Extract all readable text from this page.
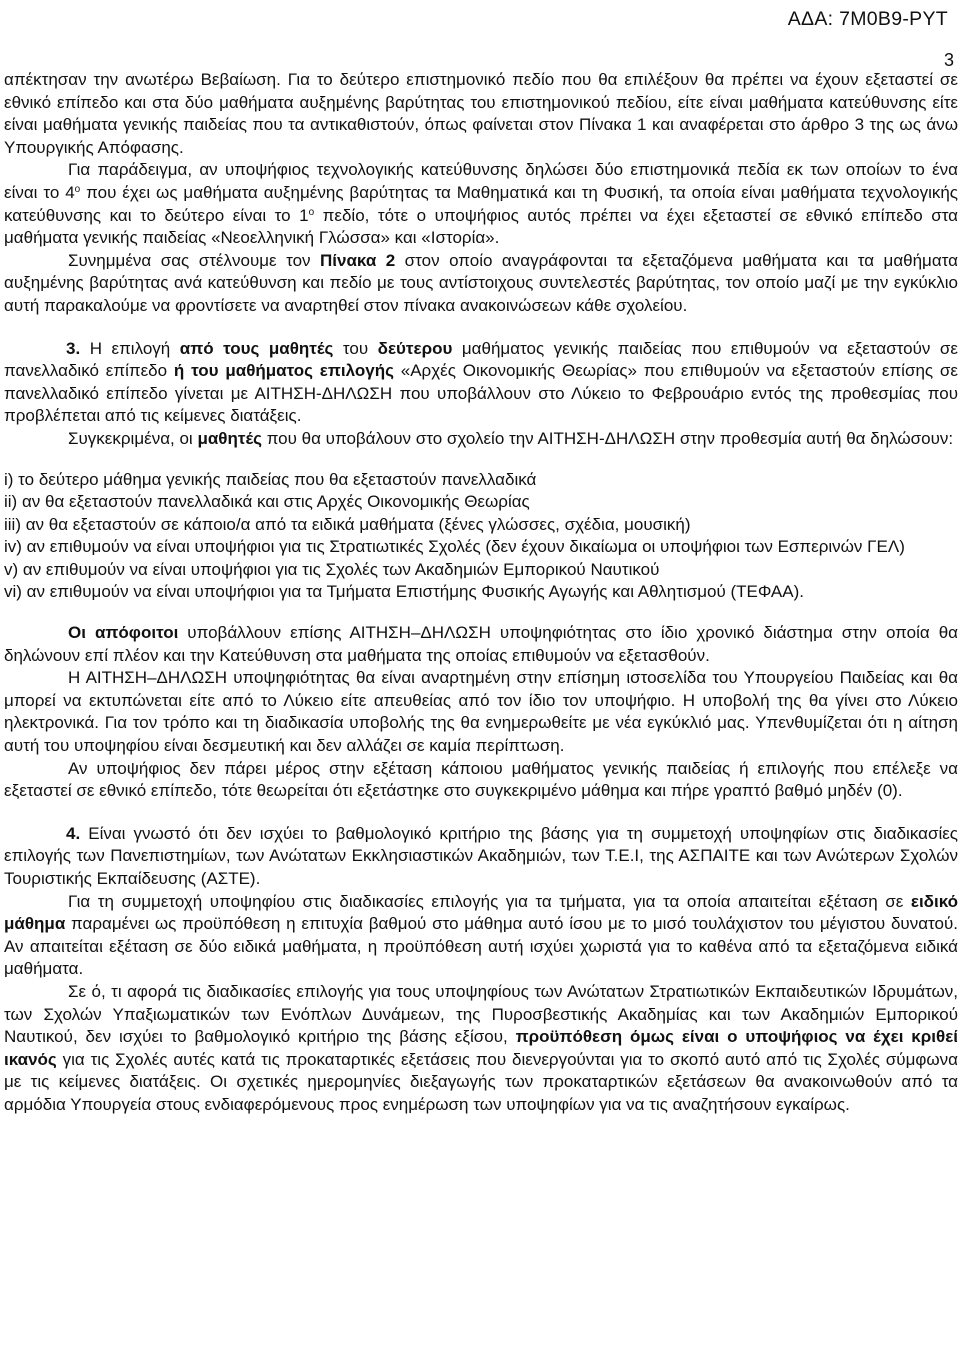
ΑΔΑ: 7Μ0Β9-ΡΥΤ
3

απέκτησαν την ανωτέρω Βεβαίωση. Για το δεύτερο επιστημονικό πεδίο που θα επιλέξουν θα πρέπει να έχουν εξεταστεί σε εθνικό επίπεδο και στα δύο μαθήματα αυξημένης βαρύτητας του επιστημονικού πεδίου, είτε είναι μαθήματα κατεύθυνσης είτε είναι μαθήματα γενικής παιδείας που τα αντικαθιστούν, όπως φαίνεται στον Πίνακα 1 και αναφέρεται στο άρθρο 3 της ως άνω Υπουργικής Απόφασης.

Για παράδειγμα, αν υποψήφιος τεχνολογικής κατεύθυνσης δηλώσει δύο επιστημονικά πεδία εκ των οποίων το ένα είναι το $4^o$ που έχει ως μαθήματα αυξημένης βαρύτητας τα Μαθηματικά και τη Φυσική, τα οποία είναι μαθήματα τεχνολογικής κατεύθυνσης και το δεύτερο είναι το $1^o$ πεδίο, τότε ο υποψήφιος αυτός πρέπει να έχει εξεταστεί σε εθνικό επίπεδο στα μαθήματα γενικής παιδείας «Νεοελληνική Γλώσσα» και «Ιστορία».

Συνημμένα σας στέλνουμε τον Πίνακα 2 στον οποίο αναγράφονται τα εξεταζόμενα μαθήματα και τα μαθήματα αυξημένης βαρύτητας ανά κατεύθυνση και πεδίο με τους αντίστοιχους συντελεστές βαρύτητας, τον οποίο μαζί με την εγκύκλιο αυτή παρακαλούμε να φροντίσετε να αναρτηθεί στον πίνακα ανακοινώσεων κάθε σχολείου.

3. Η επιλογή από τους μαθητές του δεύτερου μαθήματος γενικής παιδείας που επιθυμούν να εξεταστούν σε πανελλαδικό επίπεδο ή του μαθήματος επιλογής «Αρχές Οικονομικής Θεωρίας» που επιθυμούν να εξεταστούν επίσης σε πανελλαδικό επίπεδο γίνεται με ΑΙΤΗΣΗ-ΔΗΛΩΣΗ που υποβάλλουν στο Λύκειο το Φεβρουάριο εντός της προθεσμίας που προβλέπεται από τις κείμενες διατάξεις.

Συγκεκριμένα, οι μαθητές που θα υποβάλουν στο σχολείο την ΑΙΤΗΣΗ-ΔΗΛΩΣΗ στην προθεσμία αυτή θα δηλώσουν:

i) το δεύτερο μάθημα γενικής παιδείας που θα εξεταστούν πανελλαδικά

ii) αν θα εξεταστούν πανελλαδικά και στις Αρχές Οικονομικής Θεωρίας

iii) αν θα εξεταστούν σε κάποιο/α από τα ειδικά μαθήματα (ξένες γλώσσες, σχέδια, μουσική)

iv) αν επιθυμούν να είναι υποψήφιοι για τις Στρατιωτικές Σχολές (δεν έχουν δικαίωμα οι υποψήφιοι των Εσπερινών ΓΕΛ)

v) αν επιθυμούν να είναι υποψήφιοι για τις Σχολές των Ακαδημιών Εμπορικού Ναυτικού

vi) αν επιθυμούν να είναι υποψήφιοι για τα Τμήματα Επιστήμης Φυσικής Αγωγής και Αθλητισμού (ΤΕΦΑΑ).

Οι απόφοιτοι υποβάλλουν επίσης ΑΙΤΗΣΗ–ΔΗΛΩΣΗ υποψηφιότητας στο ίδιο χρονικό διάστημα στην οποία θα δηλώνουν επί πλέον και την Κατεύθυνση στα μαθήματα της οποίας επιθυμούν να εξετασθούν.

Η ΑΙΤΗΣΗ–ΔΗΛΩΣΗ υποψηφιότητας θα είναι αναρτημένη στην επίσημη ιστοσελίδα του Υπουργείου Παιδείας και θα μπορεί να εκτυπώνεται είτε από το Λύκειο είτε απευθείας από τον ίδιο τον υποψήφιο. Η υποβολή της θα γίνει στο Λύκειο ηλεκτρονικά. Για τον τρόπο και τη διαδικασία υποβολής της θα ενημερωθείτε με νέα εγκύκλιό μας. Υπενθυμίζεται ότι η αίτηση αυτή του υποψηφίου είναι δεσμευτική και δεν αλλάζει σε καμία περίπτωση.

Αν υποψήφιος δεν πάρει μέρος στην εξέταση κάποιου μαθήματος γενικής παιδείας ή επιλογής που επέλεξε να εξεταστεί σε εθνικό επίπεδο, τότε θεωρείται ότι εξετάστηκε στο συγκεκριμένο μάθημα και πήρε γραπτό βαθμό μηδέν (0).

4. Είναι γνωστό ότι δεν ισχύει το βαθμολογικό κριτήριο της βάσης για τη συμμετοχή υποψηφίων στις διαδικασίες επιλογής των Πανεπιστημίων, των Ανώτατων Εκκλησιαστικών Ακαδημιών, των Τ.Ε.Ι, της ΑΣΠΑΙΤΕ και των Ανώτερων Σχολών Τουριστικής Εκπαίδευσης (ΑΣΤΕ).

Για τη συμμετοχή υποψηφίου στις διαδικασίες επιλογής για τα τμήματα, για τα οποία απαιτείται εξέταση σε ειδικό μάθημα παραμένει ως προϋπόθεση η επιτυχία βαθμού στο μάθημα αυτό ίσου με το μισό τουλάχιστον του μέγιστου δυνατού. Αν απαιτείται εξέταση σε δύο ειδικά μαθήματα, η προϋπόθεση αυτή ισχύει χωριστά για το καθένα από τα εξεταζόμενα ειδικά μαθήματα.

Σε ό, τι αφορά τις διαδικασίες επιλογής για τους υποψηφίους των Ανώτατων Στρατιωτικών Εκπαιδευτικών Ιδρυμάτων, των Σχολών Υπαξιωματικών των Ενόπλων Δυνάμεων, της Πυροσβεστικής Ακαδημίας και των Ακαδημιών Εμπορικού Ναυτικού, δεν ισχύει το βαθμολογικό κριτήριο της βάσης εξίσου, προϋπόθεση όμως είναι ο υποψήφιος να έχει κριθεί ικανός για τις Σχολές αυτές κατά τις προκαταρτικές εξετάσεις που διενεργούνται για το σκοπό αυτό από τις Σχολές σύμφωνα με τις κείμενες διατάξεις. Οι σχετικές ημερομηνίες διεξαγωγής των προκαταρτικών εξετάσεων θα ανακοινωθούν από τα αρμόδια Υπουργεία στους ενδιαφερόμενους προς ενημέρωση των υποψηφίων για να τις αναζητήσουν εγκαίρως.
